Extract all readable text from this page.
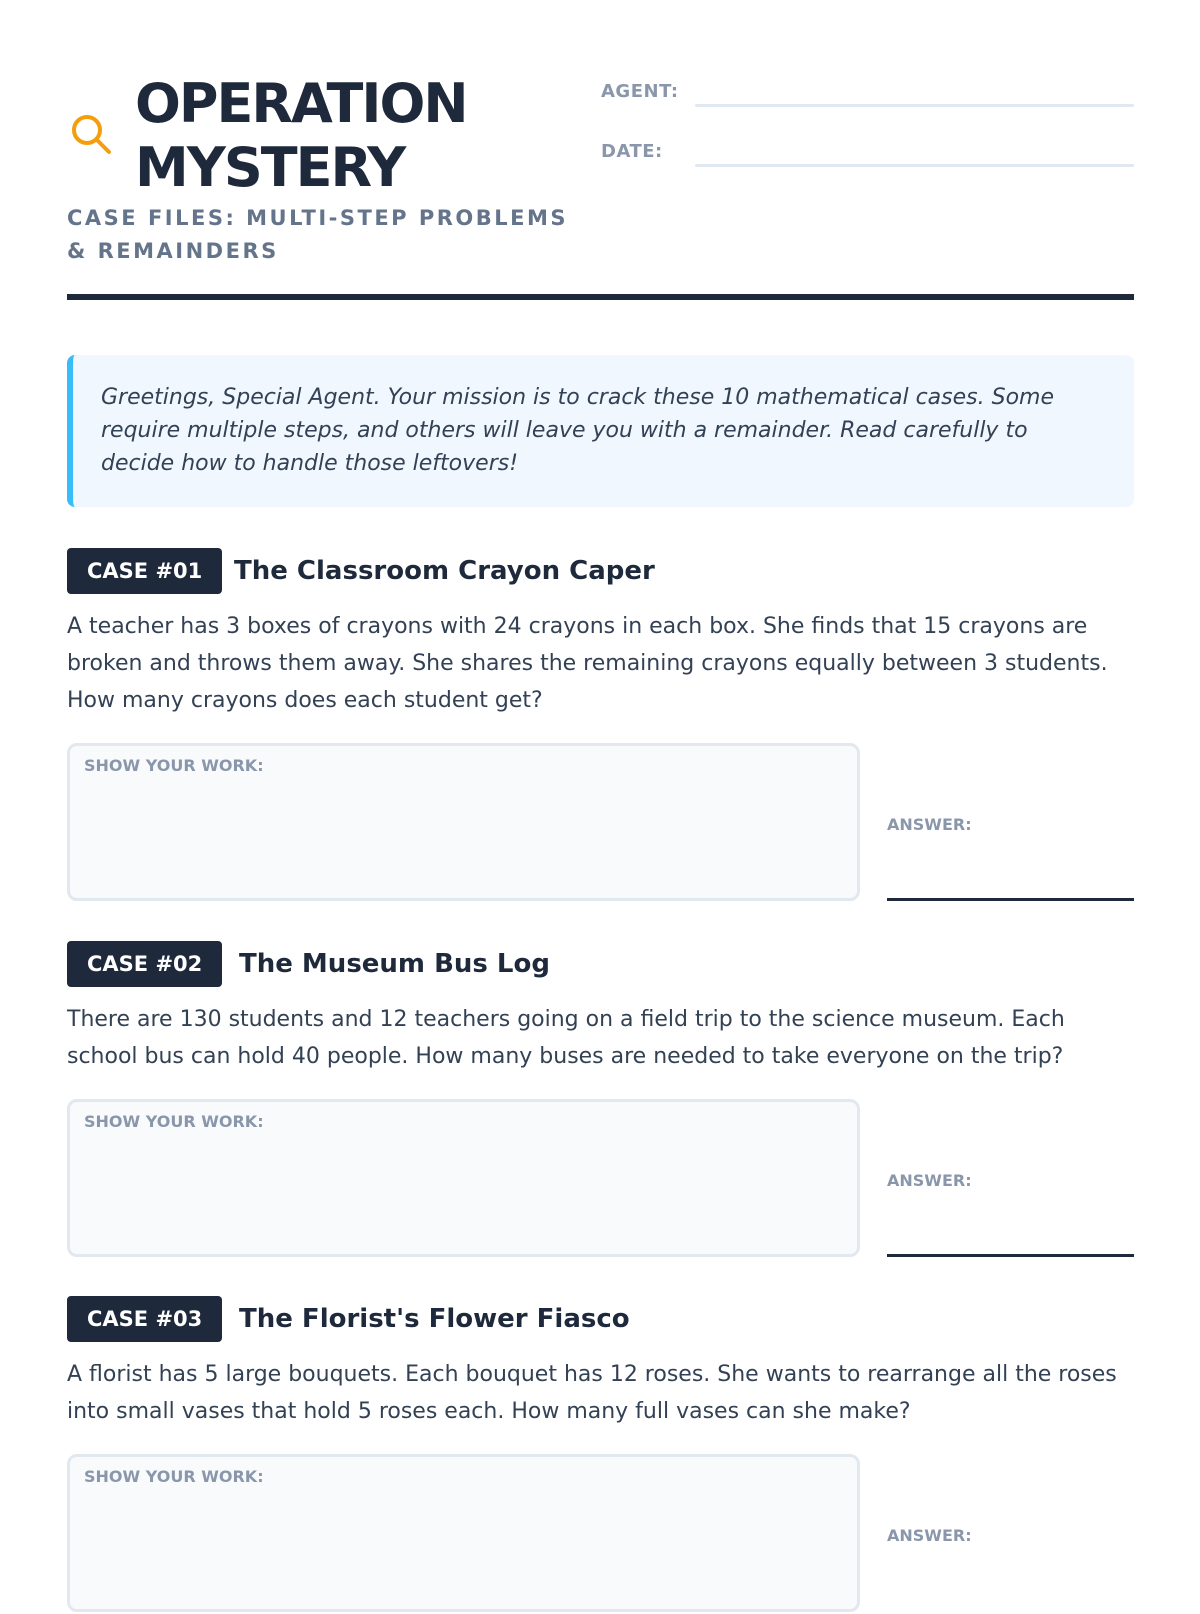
OPERATION
MYSTERY
CASE FILES: MULTI-STEP PROBLEMS
& REMAINDERS
AGENT:
DATE:
Greetings, Special Agent. Your mission is to crack these 10 mathematical cases. Some require multiple steps, and others will leave you with a remainder. Read carefully to decide how to handle those leftovers!
CASE #01	The Classroom Crayon Caper
A teacher has 3 boxes of crayons with 24 crayons in each box. She finds that 15 crayons are broken and throws them away. She shares the remaining crayons equally between 3 students. How many crayons does each student get?
SHOW YOUR WORK:
ANSWER:
CASE #02	The Museum Bus Log
There are 130 students and 12 teachers going on a field trip to the science museum. Each school bus can hold 40 people. How many buses are needed to take everyone on the trip?
SHOW YOUR WORK:
ANSWER:
CASE #03	The Florist's Flower Fiasco
A florist has 5 large bouquets. Each bouquet has 12 roses. She wants to rearrange all the roses into small vases that hold 5 roses each. How many full vases can she make?
SHOW YOUR WORK:
ANSWER:
